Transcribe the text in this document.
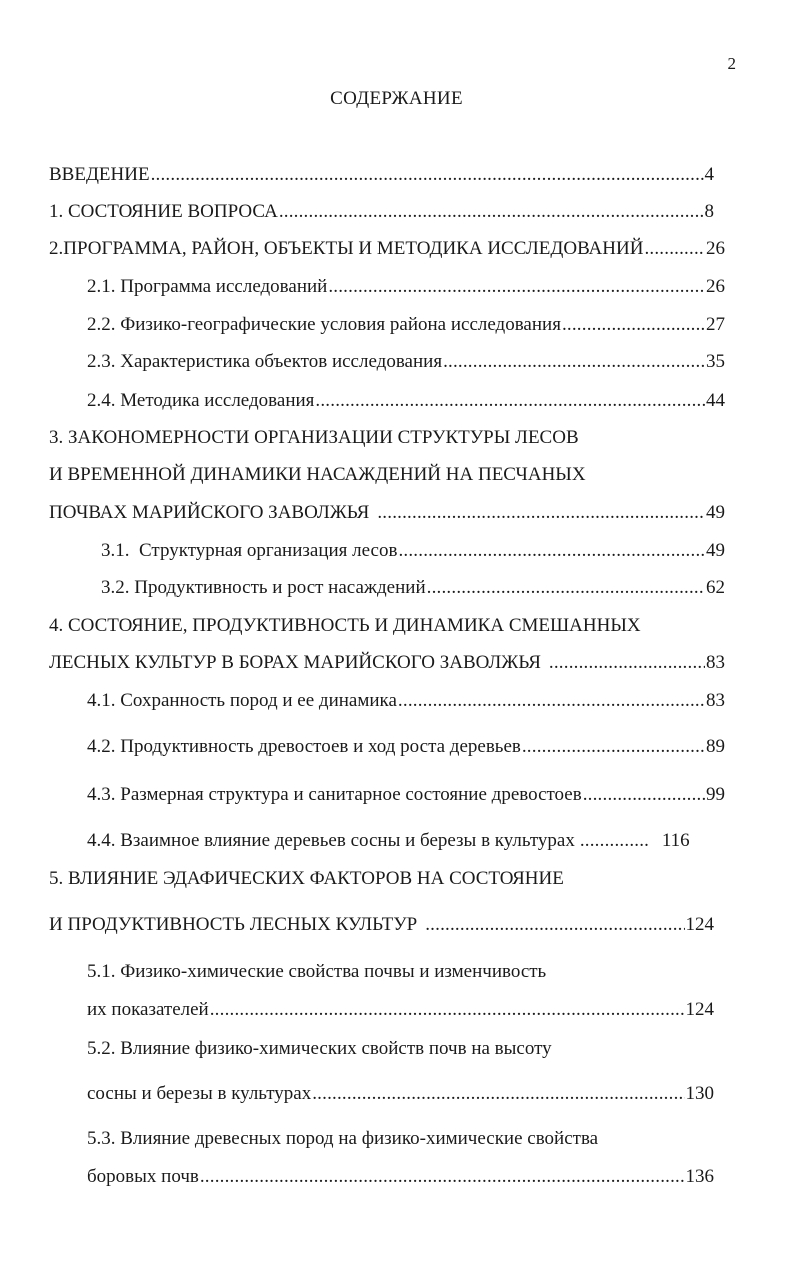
2
СОДЕРЖАНИЕ
ВВЕДЕНИЕ .....	4
1. СОСТОЯНИЕ ВОПРОСА .....	8
2.ПРОГРАММА, РАЙОН, ОБЪЕКТЫ И МЕТОДИКА ИССЛЕДОВАНИЙ .....	26
2.1. Программа исследований .....	26
2.2. Физико-географические условия района исследования .....	27
2.3. Характеристика объектов исследования .....	35
2.4. Методика исследования .....	44
3. ЗАКОНОМЕРНОСТИ ОРГАНИЗАЦИИ СТРУКТУРЫ ЛЕСОВ
И ВРЕМЕННОЙ ДИНАМИКИ НАСАЖДЕНИЙ НА ПЕСЧАНЫХ
ПОЧВАХ МАРИЙСКОГО ЗАВОЛЖЬЯ .....	49
3.1.  Структурная организация лесов .....	49
3.2. Продуктивность и рост насаждений .....	62
4. СОСТОЯНИЕ, ПРОДУКТИВНОСТЬ И ДИНАМИКА СМЕШАННЫХ
ЛЕСНЫХ КУЛЬТУР В БОРАХ МАРИЙСКОГО ЗАВОЛЖЬЯ .....	83
4.1. Сохранность пород и ее динамика .....	83
4.2. Продуктивность древостоев и ход роста деревьев .....	89
4.3. Размерная структура и санитарное состояние древостоев .....	99
4.4. Взаимное влияние деревьев сосны и березы в культурах .....	116
5. ВЛИЯНИЕ ЭДАФИЧЕСКИХ ФАКТОРОВ НА СОСТОЯНИЕ
И ПРОДУКТИВНОСТЬ ЛЕСНЫХ КУЛЬТУР .....	124
5.1. Физико-химические свойства почвы и изменчивость
их показателей .....	124
5.2. Влияние физико-химических свойств почв на высоту
сосны и березы в культурах .....	130
5.3. Влияние древесных пород на физико-химические свойства
боровых почв .....	136
